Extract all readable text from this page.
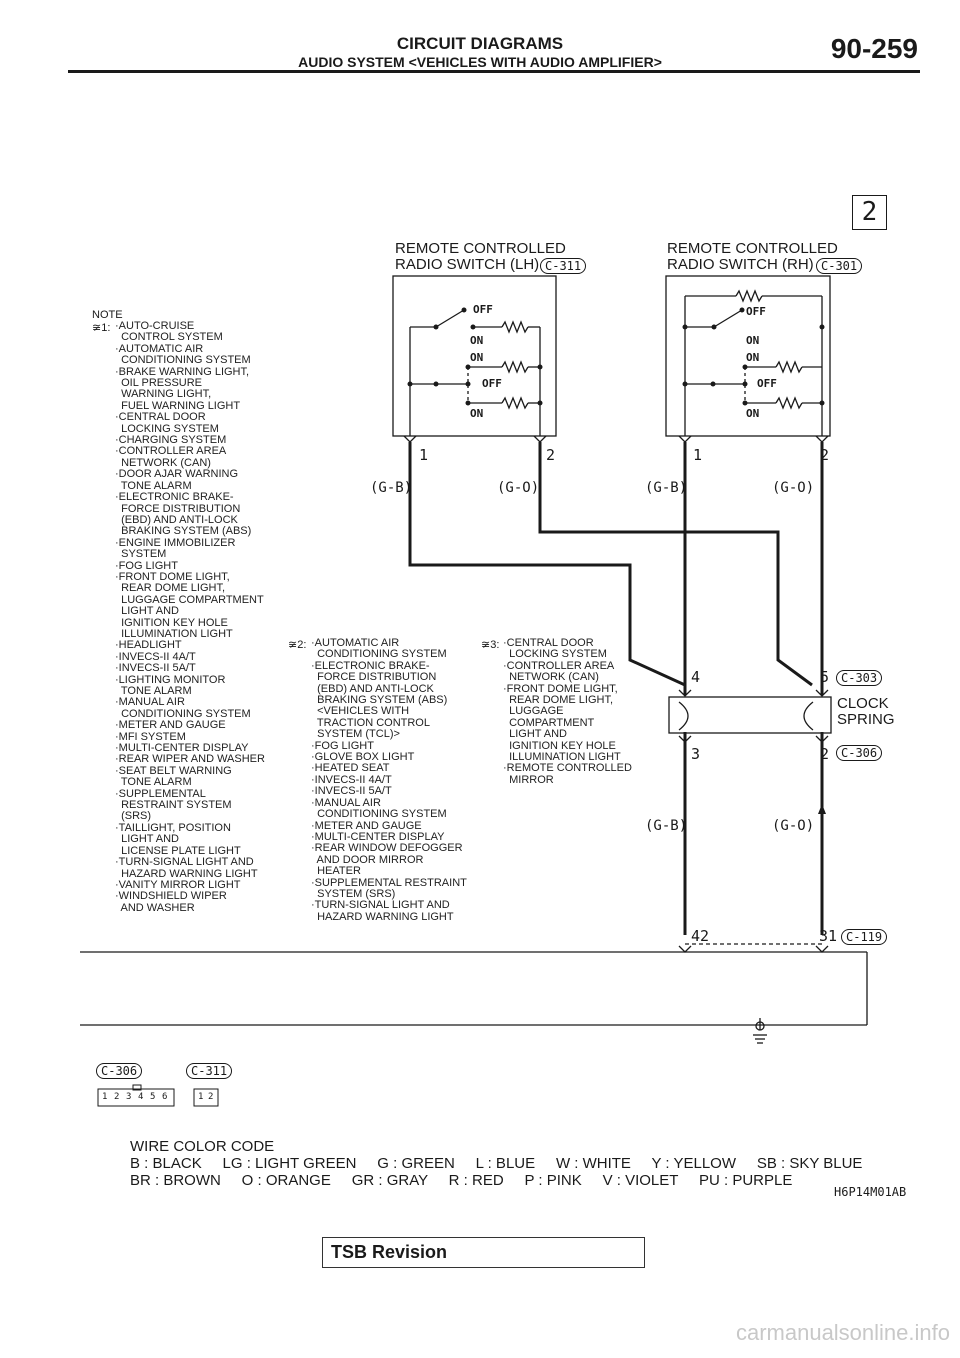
CIRCUIT DIAGRAMS
AUDIO SYSTEM <VEHICLES WITH AUDIO AMPLIFIER>	90-259
2
REMOTE CONTROLLED
RADIO SWITCH (LH) C-311
REMOTE CONTROLLED
RADIO SWITCH (RH) C-301
OFF
ON
ON
OFF
ON
OFF
ON
ON
OFF
ON
1	2	1	2
(G-B)	(G-O)	(G-B)	(G-O)
(G-B)	(G-O)
4	5 C-303
CLOCK
SPRING
3	2 C-306
42	31 C-119
NOTE
≆1: ·AUTO-CRUISE
CONTROL SYSTEM
·AUTOMATIC AIR
CONDITIONING SYSTEM
·BRAKE WARNING LIGHT,
OIL PRESSURE
WARNING LIGHT,
FUEL WARNING LIGHT
·CENTRAL DOOR
LOCKING SYSTEM
·CHARGING SYSTEM
·CONTROLLER AREA
NETWORK (CAN)
·DOOR AJAR WARNING
TONE ALARM
·ELECTRONIC BRAKE-
FORCE DISTRIBUTION
(EBD) AND ANTI-LOCK
BRAKING SYSTEM (ABS)
·ENGINE IMMOBILIZER
SYSTEM
·FOG LIGHT
·FRONT DOME LIGHT,
REAR DOME LIGHT,
LUGGAGE COMPARTMENT
LIGHT AND
IGNITION KEY HOLE
ILLUMINATION LIGHT
·HEADLIGHT
·INVECS-II 4A/T
·INVECS-II 5A/T
·LIGHTING MONITOR
TONE ALARM
·MANUAL AIR
CONDITIONING SYSTEM
·METER AND GAUGE
·MFI SYSTEM
·MULTI-CENTER DISPLAY
·REAR WIPER AND WASHER
·SEAT BELT WARNING
TONE ALARM
·SUPPLEMENTAL
RESTRAINT SYSTEM
(SRS)
·TAILLIGHT, POSITION
LIGHT AND
LICENSE PLATE LIGHT
·TURN-SIGNAL LIGHT AND
HAZARD WARNING LIGHT
·VANITY MIRROR LIGHT
·WINDSHIELD WIPER
AND WASHER
≆2: ·AUTOMATIC AIR
CONDITIONING SYSTEM
·ELECTRONIC BRAKE-
FORCE DISTRIBUTION
(EBD) AND ANTI-LOCK
BRAKING SYSTEM (ABS)
<VEHICLES WITH
TRACTION CONTROL
SYSTEM (TCL)>
·FOG LIGHT
·GLOVE BOX LIGHT
·HEATED SEAT
·INVECS-II 4A/T
·INVECS-II 5A/T
·MANUAL AIR
CONDITIONING SYSTEM
·METER AND GAUGE
·MULTI-CENTER DISPLAY
·REAR WINDOW DEFOGGER
AND DOOR MIRROR
HEATER
·SUPPLEMENTAL RESTRAINT
SYSTEM (SRS)
·TURN-SIGNAL LIGHT AND
HAZARD WARNING LIGHT
≆3: ·CENTRAL DOOR
LOCKING SYSTEM
·CONTROLLER AREA
NETWORK (CAN)
·FRONT DOME LIGHT,
REAR DOME LIGHT,
LUGGAGE
COMPARTMENT
LIGHT AND
IGNITION KEY HOLE
ILLUMINATION LIGHT
·REMOTE CONTROLLED
MIRROR
C-306	C-311
1 2 3 4 5 6	1 2
WIRE COLOR CODE
B : BLACK     LG : LIGHT GREEN     G : GREEN     L : BLUE     W : WHITE     Y : YELLOW     SB : SKY BLUE
BR : BROWN     O : ORANGE     GR : GRAY     R : RED     P : PINK     V : VIOLET     PU : PURPLE
H6P14M01AB
TSB Revision
carmanualsonline.info
